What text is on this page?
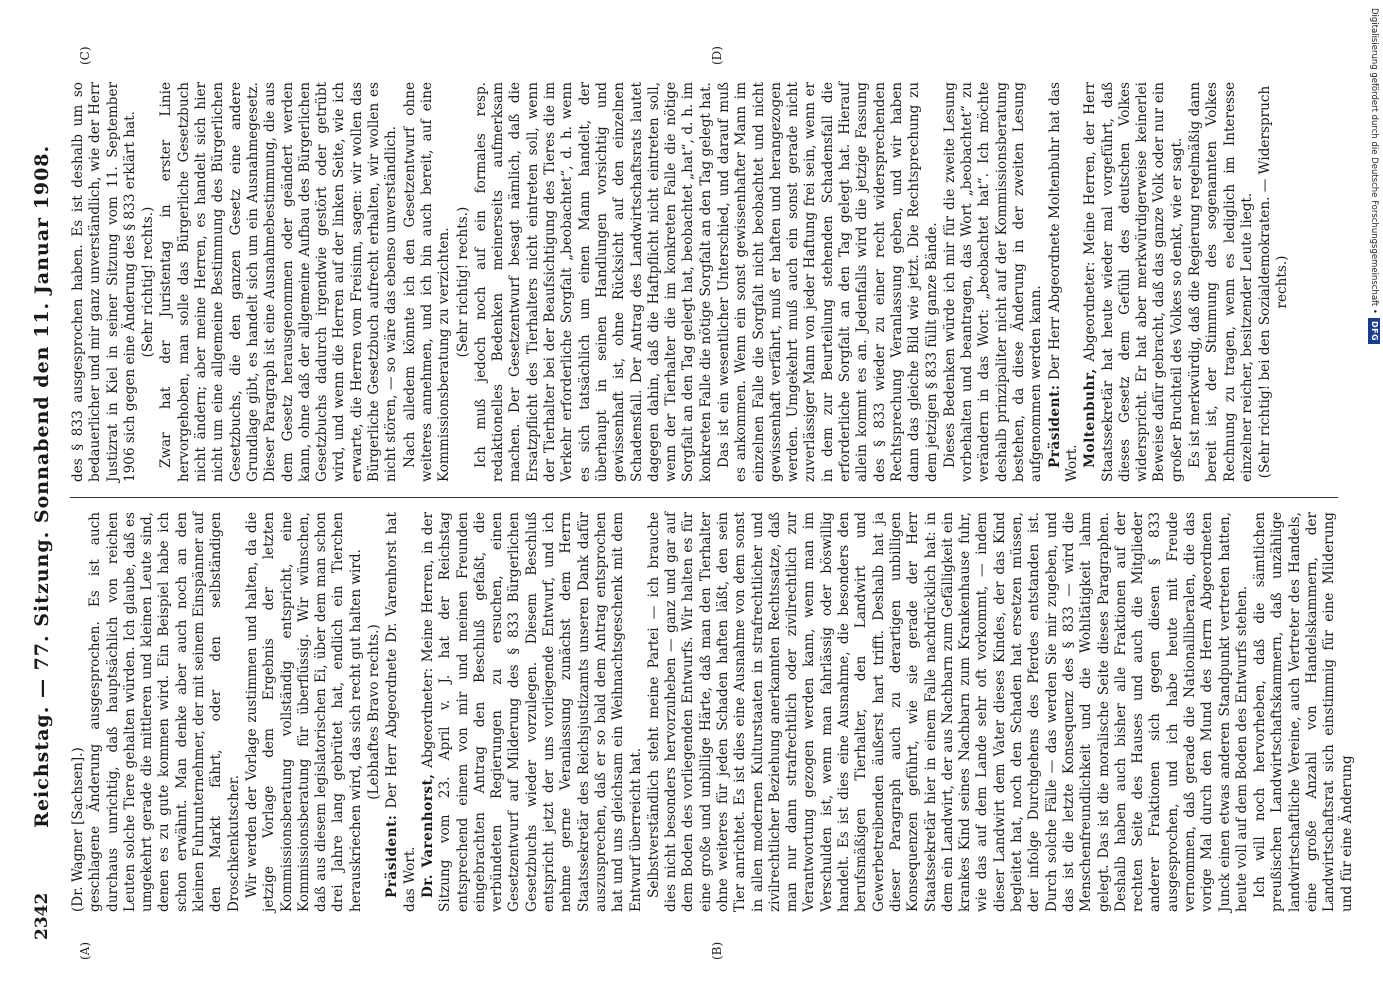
2342
Reichstag. — 77. Sitzung. Sonnabend den 11. Januar 1908.
(A)	(B)
(C)	(D)

(Dr. Wagner [Sachsen].)
geschlagene Änderung ausgesprochen. Es ist auch durchaus unrichtig, daß hauptsächlich von reichen Leuten solche Tiere gehalten würden. Ich glaube, daß es umgekehrt gerade die mittleren und kleinen Leute sind, denen es zu gute kommen wird. Ein Beispiel habe ich schon erwähnt. Man denke aber auch noch an den kleinen Fuhrunternehmer, der mit seinem Einspänner auf den Markt fährt, oder den selbständigen Droschkenkutscher. Wir werden der Vorlage zustimmen und halten, da die jetzige Vorlage dem Ergebnis der letzten Kommissionsberatung vollständig entspricht, eine Kommissionsberatung für überflüssig. Wir wünschen, daß aus diesem legislatorischen Ei, über dem man schon drei Jahre lang gebrütet hat, endlich ein Tierchen herauskriechen wird, das sich recht gut halten wird. (Lebhaftes Bravo rechts.)

Präsident: Der Herr Abgeordnete Dr. Varenhorst hat das Wort. Dr. Varenhorst, Abgeordneter: Meine Herren, in der Sitzung vom 23. April v. J. hat der Reichstag entsprechend einem von mir und meinen Freunden eingebrachten Antrag den Beschluß gefaßt, die verbündeten Regierungen zu ersuchen, einen Gesetzentwurf auf Milderung des § 833 Bürgerlichen Gesetzbuchs wieder vorzulegen. Diesem Beschluß entspricht jetzt der uns vorliegende Entwurf, und ich nehme gerne Veranlassung zunächst dem Herrn Staatssekretär des Reichsjustizamts unseren Dank dafür auszusprechen, daß er so bald dem Antrag entsprochen hat und uns gleichsam ein Weihnachtsgeschenk mit dem Entwurf überreicht hat. Selbstverständlich steht meine Partei — ich brauche dies nicht besonders hervorzuheben — ganz und gar auf dem Boden des vorliegenden Entwurfs. Wir halten es für eine große und unbillige Härte, daß man den Tierhalter ohne weiteres für jeden Schaden haften läßt, den sein Tier anrichtet. Es ist dies eine Ausnahme von dem sonst in allen modernen Kulturstaaten in strafrechtlicher und zivilrechtlicher Beziehung anerkannten Rechtssatze, daß man nur dann strafrechtlich oder zivilrechtlich zur Verantwortung gezogen werden kann, wenn man im Verschulden ist, wenn man fahrlässig oder böswillig handelt. Es ist dies eine Ausnahme, die besonders den berufsmäßigen Tierhalter, den Landwirt und Gewerbetreibenden äußerst hart trifft. Deshalb hat ja dieser Paragraph auch zu derartigen unbilligen Konsequenzen geführt, wie sie gerade der Herr Staatssekretär hier in einem Falle nachdrücklich hat: in dem ein Landwirt, der aus Nachbarn zum Gefälligkeit ein krankes Kind seines Nachbarn zum Krankenhause fuhr, wie das auf dem Lande sehr oft vorkommt, — indem dieser Landwirt dem Vater dieses Kindes, der das Kind begleitet hat, noch den Schaden hat ersetzen müssen, der infolge Durchgehens des Pferdes entstanden ist. Durch solche Fälle — das werden Sie mir zugeben, und das ist die letzte Konsequenz des § 833 — wird die Menschenfreundlichkeit und die Wohltätigkeit lahm gelegt. Das ist die moralische Seite dieses Paragraphen. Deshalb haben auch bisher alle Fraktionen auf der rechten Seite des Hauses und auch die Mitglieder anderer Fraktionen sich gegen diesen § 833 ausgesprochen, und ich habe heute mit Freude vernommen, daß gerade die Nationalliberalen, die das vorige Mal durch den Mund des Herrn Abgeordneten Junck einen etwas anderen Standpunkt vertreten hatten, heute voll auf dem Boden des Entwurfs stehen. Ich will noch hervorheben, daß die sämtlichen preußischen Landwirtschaftskammern, daß unzählige landwirtschaftliche Vereine, auch Vertreter des Handels, eine große Anzahl von Handelskammern, der Landwirtschaftsrat sich einstimmig für eine Milderung und für eine Änderung

des § 833 ausgesprochen haben. Es ist deshalb um so bedauerlicher und mir ganz unverständlich, wie der Herr Justizrat in Kiel in seiner Sitzung vom 11. September 1906 sich gegen eine Änderung des § 833 erklärt hat. (Sehr richtig! rechts.) Zwar hat der Juristentag in erster Linie hervorgehoben, man solle das Bürgerliche Gesetzbuch nicht ändern; aber meine Herren, es handelt sich hier nicht um eine allgemeine Bestimmung des Bürgerlichen Gesetzbuchs, die den ganzen Gesetz eine andere Grundlage gibt, es handelt sich um ein Ausnahmegesetz. Dieser Paragraph ist eine Ausnahmebestimmung, die aus dem Gesetz herausgenommen oder geändert werden kann, ohne daß der allgemeine Aufbau des Bürgerlichen Gesetzbuchs dadurch irgendwie gestört oder getrübt wird, und wenn die Herren auf der linken Seite, wie ich erwarte, die Herren vom Freisinn, sagen: wir wollen das Bürgerliche Gesetzbuch aufrecht erhalten, wir wollen es nicht stören, — so wäre das ebenso unverständlich. Nach alledem könnte ich den Gesetzentwurf ohne weiteres annehmen, und ich bin auch bereit, auf eine Kommissionsberatung zu verzichten. (Sehr richtig! rechts.) Ich muß jedoch noch auf ein formales resp. redaktionelles Bedenken meinerseits aufmerksam machen. Der Gesetzentwurf besagt nämlich, daß die Ersatzpflicht des Tierhalters nicht eintreten soll, wenn der Tierhalter bei der Beaufsichtigung des Tieres die im Verkehr erforderliche Sorgfalt „beobachtet“, d. h. wenn es sich tatsächlich um einen Mann handelt, der überhaupt in seinen Handlungen vorsichtig und gewissenhaft ist, ohne Rücksicht auf den einzelnen Schadensfall. Der Antrag des Landwirtschaftsrats lautet dagegen dahin, daß die Haftpflicht nicht eintreten soll, wenn der Tierhalter die im konkreten Falle die nötige Sorgfalt an den Tag gelegt hat, beobachtet „hat“, d. h. im konkreten Falle die nötige Sorgfalt an den Tag gelegt hat. Das ist ein wesentlicher Unterschied, und darauf muß es ankommen. Wenn ein sonst gewissenhafter Mann im einzelnen Falle die Sorgfalt nicht beobachtet und nicht gewissenhaft verfährt, muß er haften und herangezogen werden. Umgekehrt muß auch ein sonst gerade nicht zuverlässiger Mann von jeder Haftung frei sein, wenn er in dem zur Beurteilung stehenden Schadensfall die erforderliche Sorgfalt an den Tag gelegt hat. Hierauf allein kommt es an. Jedenfalls wird die jetzige Fassung des § 833 wieder zu einer recht widersprechenden Rechtsprechung Veranlassung geben, und wir haben dann das gleiche Bild wie jetzt. Die Rechtsprechung zu dem jetzigen § 833 füllt ganze Bände. Dieses Bedenken würde ich mir für die zweite Lesung vorbehalten und beantragen, das Wort „beobachtet“ zu verändern in das Wort: „beobachtet hat“. Ich möchte deshalb prinzipaliter nicht auf der Kommissionsberatung bestehen, da diese Änderung in der zweiten Lesung aufgenommen werden kann. Präsident: Der Herr Abgeordnete Moltenbuhr hat das Wort. Moltenbuhr, Abgeordneter: Meine Herren, der Herr Staatssekretär hat heute wieder mal vorgeführt, daß dieses Gesetz dem Gefühl des deutschen Volkes widerspricht. Er hat aber merkwürdigerweise keinerlei Beweise dafür gebracht, daß das ganze Volk oder nur ein großer Bruchteil des Volkes so denkt, wie er sagt. Es ist merkwürdig, daß die Regierung regelmäßig dann bereit ist, der Stimmung des sogenannten Volkes Rechnung zu tragen, wenn es lediglich im Interesse einzelner reicher, besitzender Leute liegt. (Sehr richtig! bei den Sozialdemokraten. — Widerspruch rechts.)	Digitalisierung gefördert durch die Deutsche Forschungsgemeinschaft •
DFG
